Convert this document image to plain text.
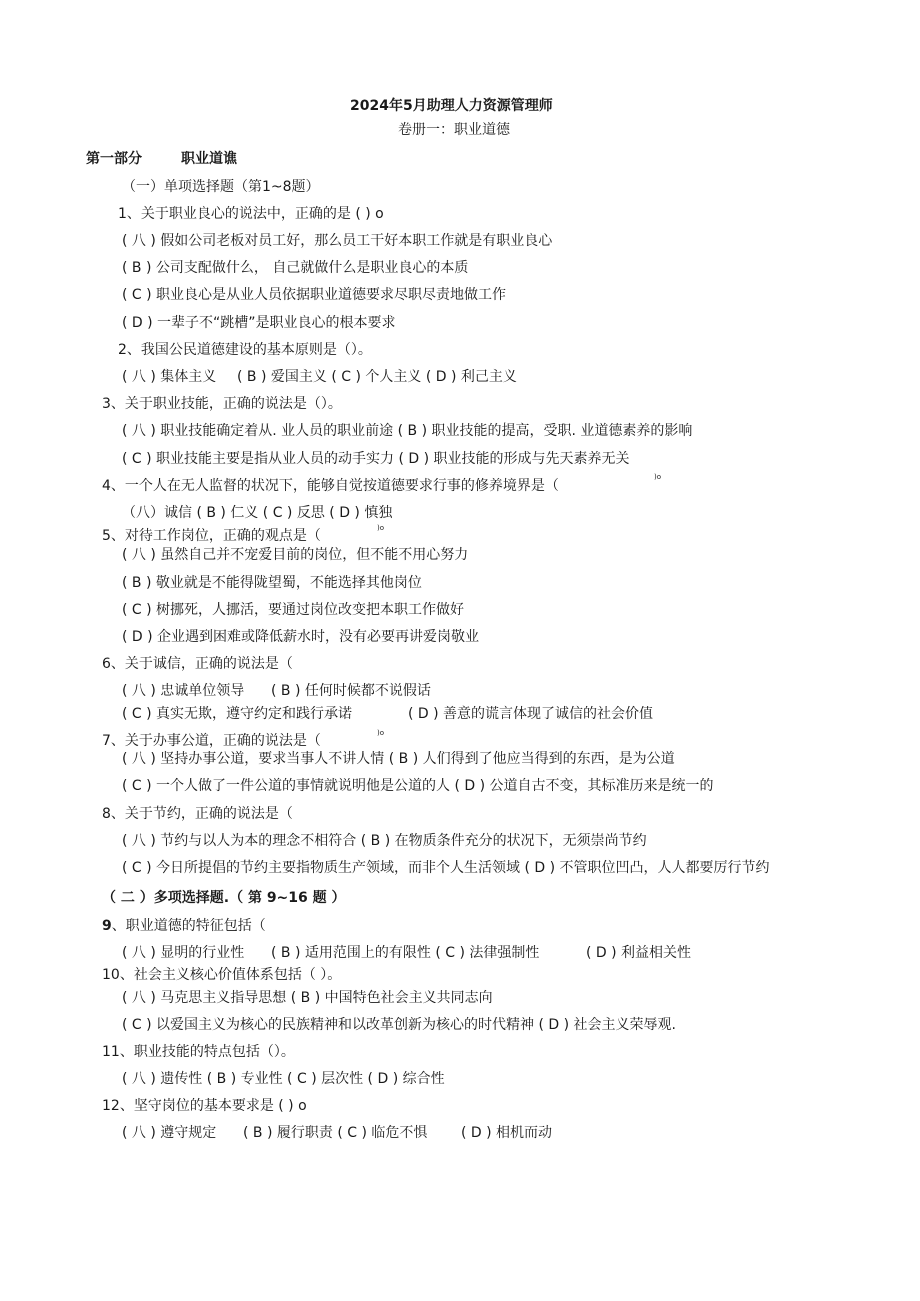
2024年5月助理人力资源管理师
卷册一：职业道德
第一部分	职业道谯
（一）单项选择题（第1~8题）
1、关于职业良心的说法中，正确的是 ( ) o
( 八 ) 假如公司老板对员工好，那么员工干好本职工作就是有职业良心
( B ) 公司支配做什么， 自己就做什么是职业良心的本质
( C ) 职业良心是从业人员依据职业道德要求尽职尽责地做工作
( D ) 一辈子不“跳槽”是职业良心的根本要求
2、我国公民道德建设的基本原则是（）。
( 八 ) 集体主义 ( B ) 爱国主义 ( C ) 个人主义 ( D ) 利己主义
3、关于职业技能，正确的说法是（）。
( 八 ) 职业技能确定着从. 业人员的职业前途 ( B ) 职业技能的提高，受职. 业道德素养的影响
( C ) 职业技能主要是指从业人员的动手实力 ( D ) 职业技能的形成与先天素养无关
4、一个人在无人监督的状况下，能够自觉按道德要求行事的修养境界是（
)o
（八）诚信 ( B ) 仁义 ( C ) 反思 ( D ) 慎独
5、对待工作岗位，正确的观点是（	)o
( 八 ) 虽然自己并不宠爱目前的岗位，但不能不用心努力
( B ) 敬业就是不能得陇望蜀，不能选择其他岗位
( C ) 树挪死，人挪活，要通过岗位改变把本职工作做好
( D ) 企业遇到困难或降低薪水时，没有必要再讲爱岗敬业
6、关于诚信，正确的说法是（
( 八 ) 忠诚单位领导 ( B ) 任何时候都不说假话
( C ) 真实无欺，遵守约定和践行承诺	( D ) 善意的谎言体现了诚信的社会价值
7、关于办事公道，正确的说法是（	)o
( 八 ) 坚持办事公道，要求当事人不讲人情 ( B ) 人们得到了他应当得到的东西，是为公道
( C ) 一个人做了一件公道的事情就说明他是公道的人 ( D ) 公道自古不变，其标准历来是统一的
8、关于节约，正确的说法是（
( 八 ) 节约与以人为本的理念不相符合 ( B ) 在物质条件充分的状况下，无须崇尚节约
( C ) 今日所提倡的节约主要指物质生产领域，而非个人生活领域 ( D ) 不管职位凹凸，人人都要厉行节约
（ 二 ）多项选择题.（ 第 9~16 题 ）
9、职业道德的特征包括（
( 八 ) 显明的行业性 ( B ) 适用范围上的有限性 ( C ) 法律强制性	( D ) 利益相关性
10、社会主义核心价值体系包括（ ）。
( 八 ) 马克思主义指导思想 ( B ) 中国特色社会主义共同志向
( C ) 以爱国主义为核心的民族精神和以改革创新为核心的时代精神 ( D ) 社会主义荣辱观.
11、职业技能的特点包括（）。
( 八 ) 遗传性 ( B ) 专业性 ( C ) 层次性 ( D ) 综合性
12、坚守岗位的基本要求是 ( ) o
( 八 ) 遵守规定 ( B ) 履行职责 ( C ) 临危不惧 ( D ) 相机而动
